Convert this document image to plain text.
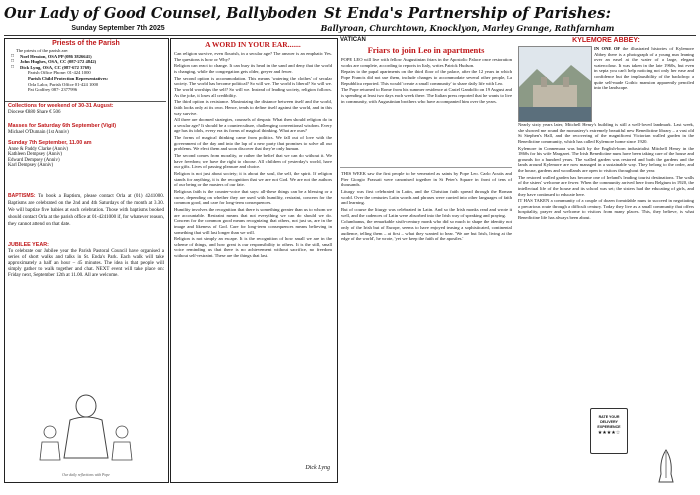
Our Lady of Good Counsel, Ballyboden
Sunday September 7th 2025
St Enda's Partnership of Parishes:
Ballyroan, Churchtown, Knocklyon, Marley Grange, Rathfarnham
Priests of the Parish
The priests of the parish are:
□ Noel Hession, OSA PP (086 3826641)
□ John Hughes, OSA, CC (087-272 4842)
□ Dick Lyng, OSA, CC (087-672 3769)
Parish Office Phone: 01-424 1000
Parish Child Protection Representatives:
Orla Lalor, Parish Office 01-424 1000
Pat Godfrey 087- 2377996
Collections for weekend of 30-31 August:
Diocese €880 Share € 506
Masses for Saturday 6th September (Vigil)
Michael O'Dumain (1st Anniv)
Sunday 7th September, 11.00 am
Anne & Paddy Clarke (Anniv)
Kathleen Dempsey (Anniv)
Edward Dempsey (Anniv)
Karl Dempsey (Anniv)

BAPTISMS: To book a Baptism, please contact Orla at (01) 4241000. Baptisms are celebrated on the 2nd and 4th Saturdays of the month at 3.30. We will baptize five babies at each celebration. Those with baptisms booked should contact Orla at the parish office at 01-4241000 if, for whatever reason, they cannot attend on that date.

JUBILEE YEAR:

To celebrate our Jubilee year the Parish Pastoral Council have organised a series of short walks and talks in St. Enda's Park. Each walk will take approximately a half an hour – 45 minutes. The idea is that people will simply gather to walk together and chat. NEXT event will take place on: Friday next, September 12th at 11.00. All are welcome.

A WORD IN YOUR EAR.......

Can religion survive, even flourish, in a secular age? The answer is an emphatic Yes. The questions is how or Why?

Religion can react to change. It can bury its head in the sand and deny that the world is changing, while the congregation gets older, greyer and fewer.

The second option is accommodation. This means 'watering the clothes' of secular society. The world has become political? So will we. The world is liberal? So will we. The world worships the self? So will we. Instead of leading society, religion follows. As the joke, it loses all credibility.

The third option is resistance. Maximizing the distance between itself and the world, faith looks only at its own. Hence, tends to define itself against the world, and in this way survive.

All three are doomed strategies, counsels of despair. What then should religion do in a secular age? It should be a counterculture, challenging conventional wisdom. Every age has its idols, every era its forms of magical thinking. What are ours?

The forms of magical thinking came from politics. We fall out of love with the government of the day and into the lap of a new party that promises to solve all our problems. We elect them and soon discover that they're only human.

The second comes from morality, or rather the belief that we can do without it. We have freedom; we have the right to choose. All children of yesterday's world, have our gifts. Lives of passing pleasure and choice.

Religion is not just about society; it is about the soul, the self, the spirit. If religion stands for anything, it is the recognition that we are not God. We are not the authors of our being or the masters of our fate.

Religious faith is the counter-voice that says: all-these things can be a blessing or a curse, depending on whether they are used with humility, restraint, concern for the common good, and care for long-term consequences.

Humility involves the recognition that there is something greater than us to whom we are accountable. Restraint means that not everything we can do should we do. Concern for the common good means recognizing that others, not just us, are in the image and likeness of God. Care for long-term consequences means believing in something that will last longer than we will.

Religion is not simply an escape. It is the recognition of how small we are in the scheme of things, and how great is our responsibility to others. It is the still, small voice reminding us that there is no achievement without sacrifice, no freedom without self-restraint. These are the things that last.

Dick Lyng
VATICAN
Friars to join Leo in apartments

POPE LEO will live with fellow Augustinian friars in the Apostolic Palace once restoration works are complete, according to reports in Italy, writes Patrick Hudson.

Repairs to the papal apartments on the third floor of the palace, after the 12 years in which Pope Francis did not use them, include changes to accommodate several other people, La Repubblica reported. This would 'create a small community' to share daily life with Leo.

The Pope returned to Rome from his summer residence at Castel Gandolfo on 19 August and is spending at least two days each week there. The Italian press reported that he wants to live in community, with Augustinian brothers who have accompanied him over the years.

THIS WEEK saw the first people to be venerated as saints by Pope Leo. Carlo Acutis and Pier Giorgio Frassati were canonised together in St Peter's Square in front of tens of thousands.

Liturgy was first celebrated in Latin, and the Christian faith spread through the Roman world. Over the centuries Latin words and phrases were carried into other languages of faith and learning.

But of course the liturgy was celebrated in Latin. And so the Irish monks read and wrote it well, and the cadences of Latin were absorbed into the Irish way of speaking and praying.

Columbanus, the remarkable sixth-century monk who did so much to shape the identity not only of the Irish but of Europe, seems to have enjoyed teasing a sophisticated, continental audience, telling them – at first – what they wanted to hear. 'We are but Irish, living at the edge of the world', he wrote, 'yet we keep the faith of the apostles.'

KYLEMORE ABBEY:

IN ONE OF the illustrated histories of Kylemore Abbey there is a photograph of a young nun leaning over an easel at the water of a large, elegant watercolour. It was taken in the late 1960s, but even in sepia you can't help noticing not only her ease and confidence but the implausibility of the backdrop: a quite self-made Gothic mansion apparently penciled into the landscape.

Nearly sixty years later, Mitchell Henry's building is still a well-loved landmark. Last week, she showed me round the monastery's extremely beautiful new Benedictine library – a vast old St Stephen's Hall, and the recovering of the magnificent Victorian walled garden in the Benedictine community, which has called Kylemore home since 1920.

Kylemore in Connemara was built by the English-born industrialist Mitchell Henry in the 1860s for his wife Margaret. The Irish Benedictine nuns have been taking care of the house and grounds for a hundred years. The walled garden was restored and both the gardens and the lands around Kylemore are now managed in a sustainable way. They belong to the order, and the house, gardens and woodlands are open to visitors throughout the year.

The restored walled garden has become one of Ireland's leading tourist destinations. The walls of the sisters' welcome are fewer. When the community arrived here from Belgium in 1920, the intellectual life of the house and its school was set; the sisters had the educating of girls, and they have continued to educate here.

IT HAS TAKEN a community of a couple of dozen formidable nuns to succeed in negotiating a precarious route through a difficult century. Today they live as a small community that offers hospitality, prayer and welcome to visitors from many places. This, they believe, is what Benedictine life has always been about.

RATE YOUR
DELIVERY
EXPERIENCE
★★★★☆
Our daily reflections with Pope
